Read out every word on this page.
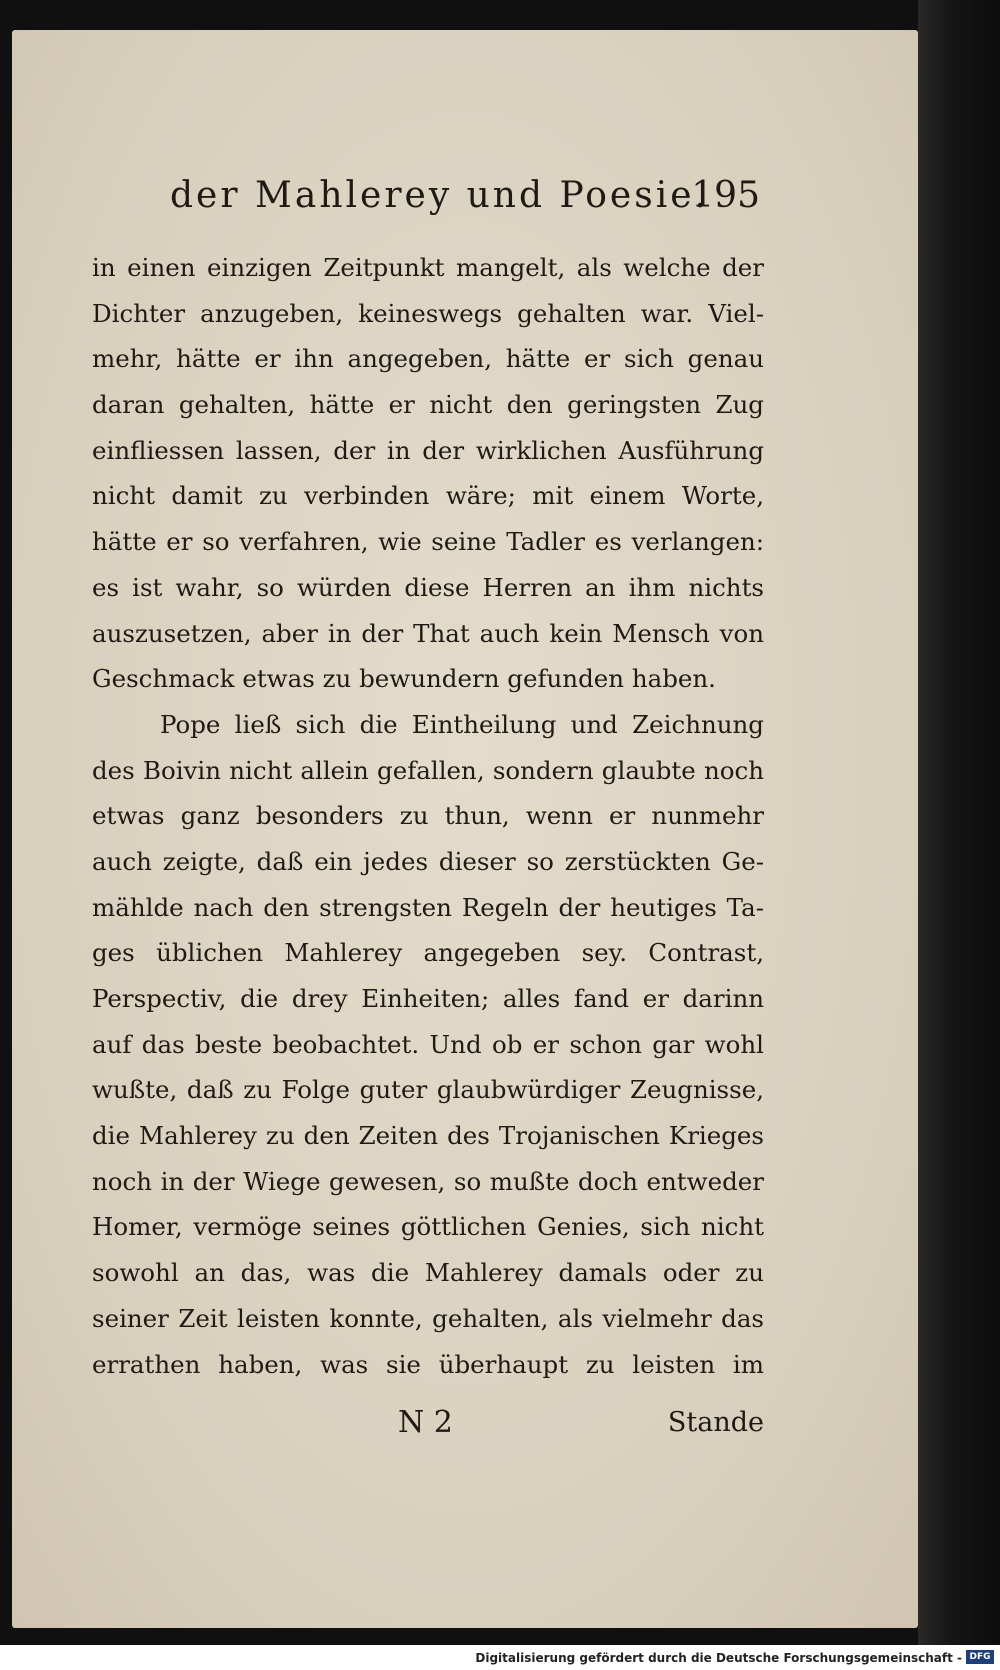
der Mahlerey und Poesie.
195
in einen einzigen Zeitpunkt mangelt, als welche der
Dichter anzugeben, keineswegs gehalten war. Viel-
mehr, hätte er ihn angegeben, hätte er sich genau
daran gehalten, hätte er nicht den geringsten Zug
einfliessen lassen, der in der wirklichen Ausführung
nicht damit zu verbinden wäre; mit einem Worte,
hätte er so verfahren, wie seine Tadler es verlangen:
es ist wahr, so würden diese Herren an ihm nichts
auszusetzen, aber in der That auch kein Mensch von
Geschmack etwas zu bewundern gefunden haben.
Pope ließ sich die Eintheilung und Zeichnung
des Boivin nicht allein gefallen, sondern glaubte noch
etwas ganz besonders zu thun, wenn er nunmehr
auch zeigte, daß ein jedes dieser so zerstückten Ge-
mählde nach den strengsten Regeln der heutiges Ta-
ges üblichen Mahlerey angegeben sey. Contrast,
Perspectiv, die drey Einheiten; alles fand er darinn
auf das beste beobachtet. Und ob er schon gar wohl
wußte, daß zu Folge guter glaubwürdiger Zeugnisse,
die Mahlerey zu den Zeiten des Trojanischen Krieges
noch in der Wiege gewesen, so mußte doch entweder
Homer, vermöge seines göttlichen Genies, sich nicht
sowohl an das, was die Mahlerey damals oder zu
seiner Zeit leisten konnte, gehalten, als vielmehr das
errathen haben, was sie überhaupt zu leisten im
N 2	Stande
Digitalisierung gefördert durch die Deutsche Forschungsgemeinschaft - DFG
